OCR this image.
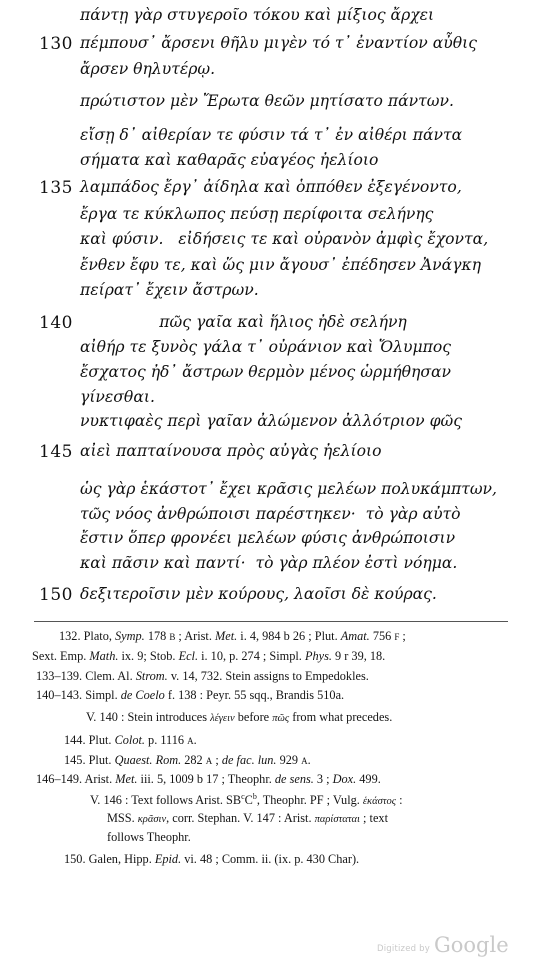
πάντῃ γὰρ στυγεροῖο τόκου καὶ μίξιος ἄρχει
130 πέμπουσ᾽ ἄρσενι θῆλυ μιγὲν τό τ᾽ ἐναντίον αὖθις
ἄρσεν θηλυτέρῳ.
πρώτιστον μὲν Ἔρωτα θεῶν μητίσατο πάντων.
εἴσῃ δ᾽ αἰθερίαν τε φύσιν τά τ᾽ ἐν αἰθέρι πάντα
σήματα καὶ καθαρᾶς εὐαγέος ἠελίοιο
135 λαμπάδος ἔργ᾽ ἀίδηλα καὶ ὁππόθεν ἐξεγένοντο,
ἔργα τε κύκλωπος πεύσῃ περίφοιτα σελήνης
καὶ φύσιν.   εἰδήσεις τε καὶ οὐρανὸν ἀμφὶς ἔχοντα,
ἔνθεν ἔφυ τε, καὶ ὥς μιν ἄγουσ᾽ ἐπέδησεν Ἀνάγκη
πείρατ᾽ ἔχειν ἄστρων.
140 πῶς γαῖα καὶ ἥλιος ἠδὲ σελήνη
αἰθήρ τε ξυνὸς γάλα τ᾽ οὐράνιον καὶ Ὄλυμπος
ἔσχατος ἠδ᾽ ἄστρων θερμὸν μένος ὡρμήθησαν
γίνεσθαι.
νυκτιφαὲς περὶ γαῖαν ἀλώμενον ἀλλότριον φῶς
145 αἰεὶ παπταίνουσα πρὸς αὐγὰς ἠελίοιο
ὡς γὰρ ἑκάστοτ᾽ ἔχει κρᾶσις μελέων πολυκάμπτων,
τῶς νόος ἀνθρώποισι παρέστηκεν·  τὸ γὰρ αὐτὸ
ἔστιν ὅπερ φρονέει μελέων φύσις ἀνθρώποισιν
καὶ πᾶσιν καὶ παντί·  τὸ γὰρ πλέον ἐστὶ νόημα.
150 δεξιτεροῖσιν μὲν κούρους, λαοῖσι δὲ κούρας.
132. Plato, Symp. 178 B ; Arist. Met. i. 4, 984 b 26 ; Plut. Amat. 756 F ;
Sext. Emp. Math. ix. 9; Stob. Ecl. i. 10, p. 274 ; Simpl. Phys. 9 r 39, 18.
133–139. Clem. Al. Strom. v. 14, 732. Stein assigns to Empedokles.
140–143. Simpl. de Coelo f. 138 : Peyr. 55 sqq., Brandis 510a.
V. 140 : Stein introduces λέγειν before πῶς from what precedes.
144. Plut. Colot. p. 1116 A.
145. Plut. Quaest. Rom. 282 A ; de fac. lun. 929 A.
146–149. Arist. Met. iii. 5, 1009 b 17 ; Theophr. de sens. 3 ; Dox. 499.
V. 146 : Text follows Arist. $SB^cC^b$, Theophr. PF ; Vulg. ἑκάστος :
MSS. κρᾶσιν, corr. Stephan. V. 147 : Arist. παρίσταται ; text
follows Theophr.
150. Galen, Hipp. Epid. vi. 48 ; Comm. ii. (ix. p. 430 Char).
Digitized by Google
